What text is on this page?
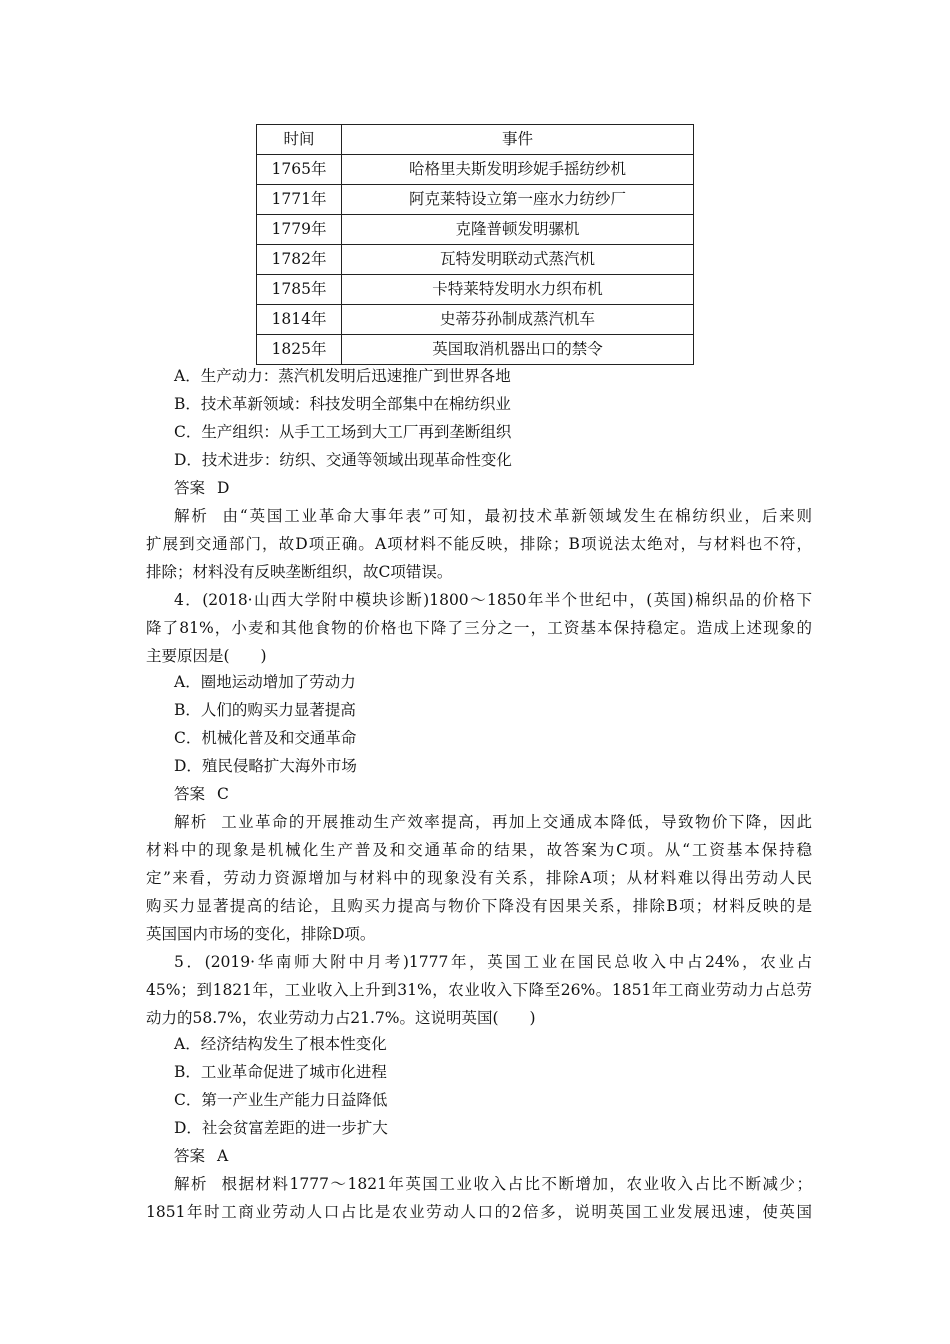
时间	事件
1765年	哈格里夫斯发明珍妮手摇纺纱机
1771年	阿克莱特设立第一座水力纺纱厂
1779年	克隆普顿发明骡机
1782年	瓦特发明联动式蒸汽机
1785年	卡特莱特发明水力织布机
1814年	史蒂芬孙制成蒸汽机车
1825年	英国取消机器出口的禁令
A．生产动力：蒸汽机发明后迅速推广到世界各地
B．技术革新领域：科技发明全部集中在棉纺织业
C．生产组织：从手工工场到大工厂再到垄断组织
D．技术进步：纺织、交通等领域出现革命性变化
答案 D
解析 由“英国工业革命大事年表”可知，最初技术革新领域发生在棉纺织业，后来则
扩展到交通部门，故D项正确。A项材料不能反映，排除；B项说法太绝对，与材料也不符，
排除；材料没有反映垄断组织，故C项错误。
4．(2018·山西大学附中模块诊断)1800～1850年半个世纪中，(英国)棉织品的价格下
降了81%，小麦和其他食物的价格也下降了三分之一，工资基本保持稳定。造成上述现象的
主要原因是(　　)
A．圈地运动增加了劳动力
B．人们的购买力显著提高
C．机械化普及和交通革命
D．殖民侵略扩大海外市场
答案 C
解析 工业革命的开展推动生产效率提高，再加上交通成本降低，导致物价下降，因此
材料中的现象是机械化生产普及和交通革命的结果，故答案为C项。从“工资基本保持稳
定”来看，劳动力资源增加与材料中的现象没有关系，排除A项；从材料难以得出劳动人民
购买力显著提高的结论，且购买力提高与物价下降没有因果关系，排除B项；材料反映的是
英国国内市场的变化，排除D项。
5．(2019·华南师大附中月考)1777年，英国工业在国民总收入中占24%，农业占
45%；到1821年，工业收入上升到31%，农业收入下降至26%。1851年工商业劳动力占总劳
动力的58.7%，农业劳动力占21.7%。这说明英国(　　)
A．经济结构发生了根本性变化
B．工业革命促进了城市化进程
C．第一产业生产能力日益降低
D．社会贫富差距的进一步扩大
答案 A
解析 根据材料1777～1821年英国工业收入占比不断增加，农业收入占比不断减少；
1851年时工商业劳动人口占比是农业劳动人口的2倍多，说明英国工业发展迅速，使英国
